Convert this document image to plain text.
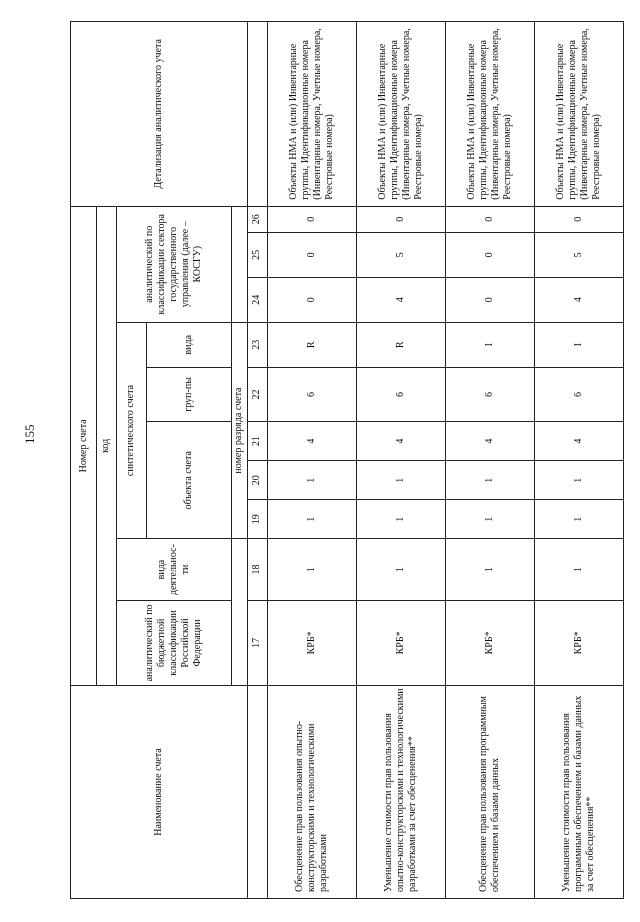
155
Наименование счета	Номер счета										Детализация аналитического учета
	код										
	аналитический по бюджетной классификации Российской Федерации	вида деятельнос-ти	синтетического счета					аналитический по классификации сектора государственного управления (далее – КОСГУ)			
			объекта счета			груп-пы	вида				
			номер разряда счета								
	17	18	19	20	21	22	23	24	25	26	
Обесценение прав пользования опытно-конструкторскими и технологическими разработками	КРБ*	1	1	1	4	6	R	0	0	0	Объекты НМА и (или) Инвентарные группы, Идентификационные номера (Инвентарные номера, Учетные номера, Реестровые номера)
Уменьшение стоимости прав пользования опытно-конструкторскими и технологическими разработками за счет обесценения**	КРБ*	1	1	1	4	6	R	4	5	0	Объекты НМА и (или) Инвентарные группы, Идентификационные номера (Инвентарные номера, Учетные номера, Реестровые номера)
Обесценение прав пользования программным обеспечением и базами данных	КРБ*	1	1	1	4	6	I	0	0	0	Объекты НМА и (или) Инвентарные группы, Идентификационные номера (Инвентарные номера, Учетные номера, Реестровые номера)
Уменьшение стоимости прав пользования программным обеспечением и базами данных за счет обесценения**	КРБ*	1	1	1	4	6	I	4	5	0	Объекты НМА и (или) Инвентарные группы, Идентификационные номера (Инвентарные номера, Учетные номера, Реестровые номера)
